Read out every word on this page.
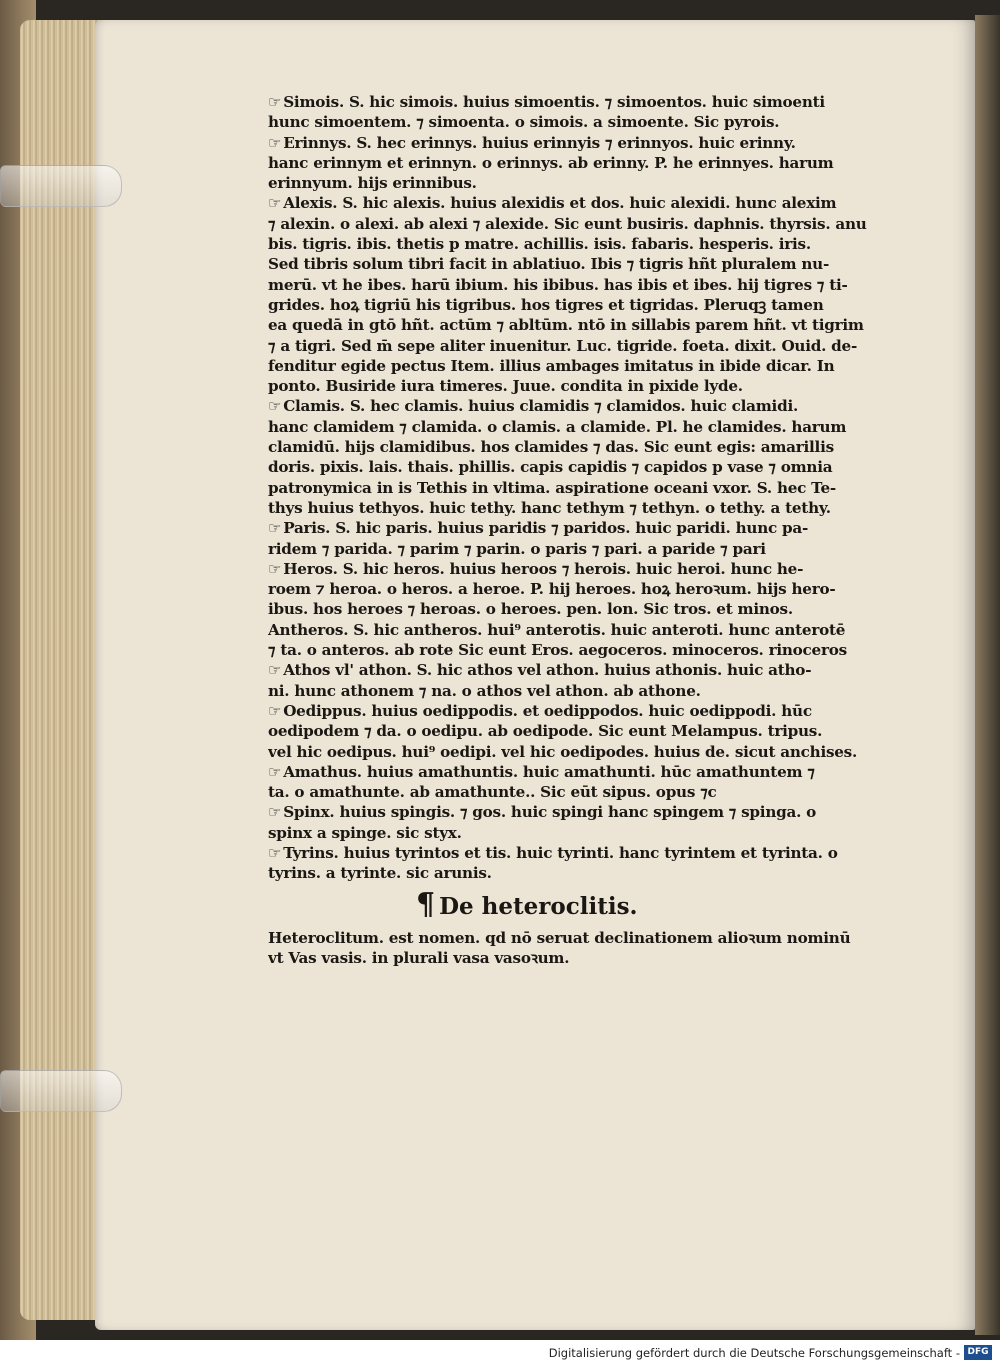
☞ Simois. S. hic simois. huius simoentis. ⁊ simoentos. huic simoenti
hunc simoentem. ⁊ simoenta. o simois. a simoente. Sic pyrois.
☞ Erinnys. S. hec erinnys. huius erinnyis ⁊ erinnyos. huic erinny.
hanc erinnym et erinnyn. o erinnys. ab erinny. P. he erinnyes. harum
erinnyum. hijs erinnibus.
☞ Alexis. S. hic alexis. huius alexidis et dos. huic alexidi. hunc alexim
⁊ alexin. o alexi. ab alexi ⁊ alexide. Sic eunt busiris. daphnis. thyrsis. anu
bis. tigris. ibis. thetis p matre. achillis. isis. fabaris. hesperis. iris.
Sed tibris solum tibri facit in ablatiuo. Ibis ⁊ tigris hñt pluralem nu-
merū. vt he ibes. harū ibium. his ibibus. has ibis et ibes. hij tigres ⁊ ti-
grides. hoꝝ tigriū his tigribus. hos tigres et tigridas. Pleruqꝫ tamen
ea quedā in gtō hñt. actūm ⁊ abltūm. ntō in sillabis parem hñt. vt tigrim
⁊ a tigri. Sed m̄ sepe aliter inuenitur. Luc. tigride. foeta. dixit. Ouid. de-
fenditur egide pectus Item. illius ambages imitatus in ibide dicar. In
ponto. Busiride iura timeres. Juue. condita in pixide lyde.
☞ Clamis. S. hec clamis. huius clamidis ⁊ clamidos. huic clamidi.
hanc clamidem ⁊ clamida. o clamis. a clamide. Pl. he clamides. harum
clamidū. hijs clamidibus. hos clamides ⁊ das. Sic eunt egis: amarillis
doris. pixis. lais. thais. phillis. capis capidis ⁊ capidos p vase ⁊ omnia
patronymica in is Tethis in vltima. aspiratione oceani vxor. S. hec Te-
thys huius tethyos. huic tethy. hanc tethym ⁊ tethyn. o tethy. a tethy.
☞ Paris. S. hic paris. huius paridis ⁊ paridos. huic paridi. hunc pa-
ridem ⁊ parida. ⁊ parim ⁊ parin. o paris ⁊ pari. a paride ⁊ pari
☞ Heros. S. hic heros. huius heroos ⁊ herois. huic heroi. hunc he-
roem ⁊ heroa. o heros. a heroe. P. hij heroes. hoꝝ heroꝛum. hijs hero-
ibus. hos heroes ⁊ heroas. o heroes. pen. lon. Sic tros. et minos.
Antheros. S. hic antheros. hui⁹ anterotis. huic anteroti. hunc anterotē
⁊ ta. o anteros. ab rote Sic eunt Eros. aegoceros. minoceros. rinoceros
☞ Athos vl' athon. S. hic athos vel athon. huius athonis. huic atho-
ni. hunc athonem ⁊ na. o athos vel athon. ab athone.
☞ Oedippus. huius oedippodis. et oedippodos. huic oedippodi. hūc
oedipodem ⁊ da. o oedipu. ab oedipode. Sic eunt Melampus. tripus.
vel hic oedipus. hui⁹ oedipi. vel hic oedipodes. huius de. sicut anchises.
☞ Amathus. huius amathuntis. huic amathunti. hūc amathuntem ⁊
ta. o amathunte. ab amathunte.. Sic eūt sipus. opus ⁊c
☞ Spinx. huius spingis. ⁊ gos. huic spingi hanc spingem ⁊ spinga. o
spinx a spinge. sic styx.
☞ Tyrins. huius tyrintos et tis. huic tyrinti. hanc tyrintem et tyrinta. o
tyrins. a tyrinte. sic arunis.
¶ De heteroclitis.
Heteroclitum. est nomen. qd nō seruat declinationem alioꝛum nominū
vt Vas vasis. in plurali vasa vasoꝛum.
Digitalisierung gefördert durch die Deutsche Forschungsgemeinschaft - DFG
